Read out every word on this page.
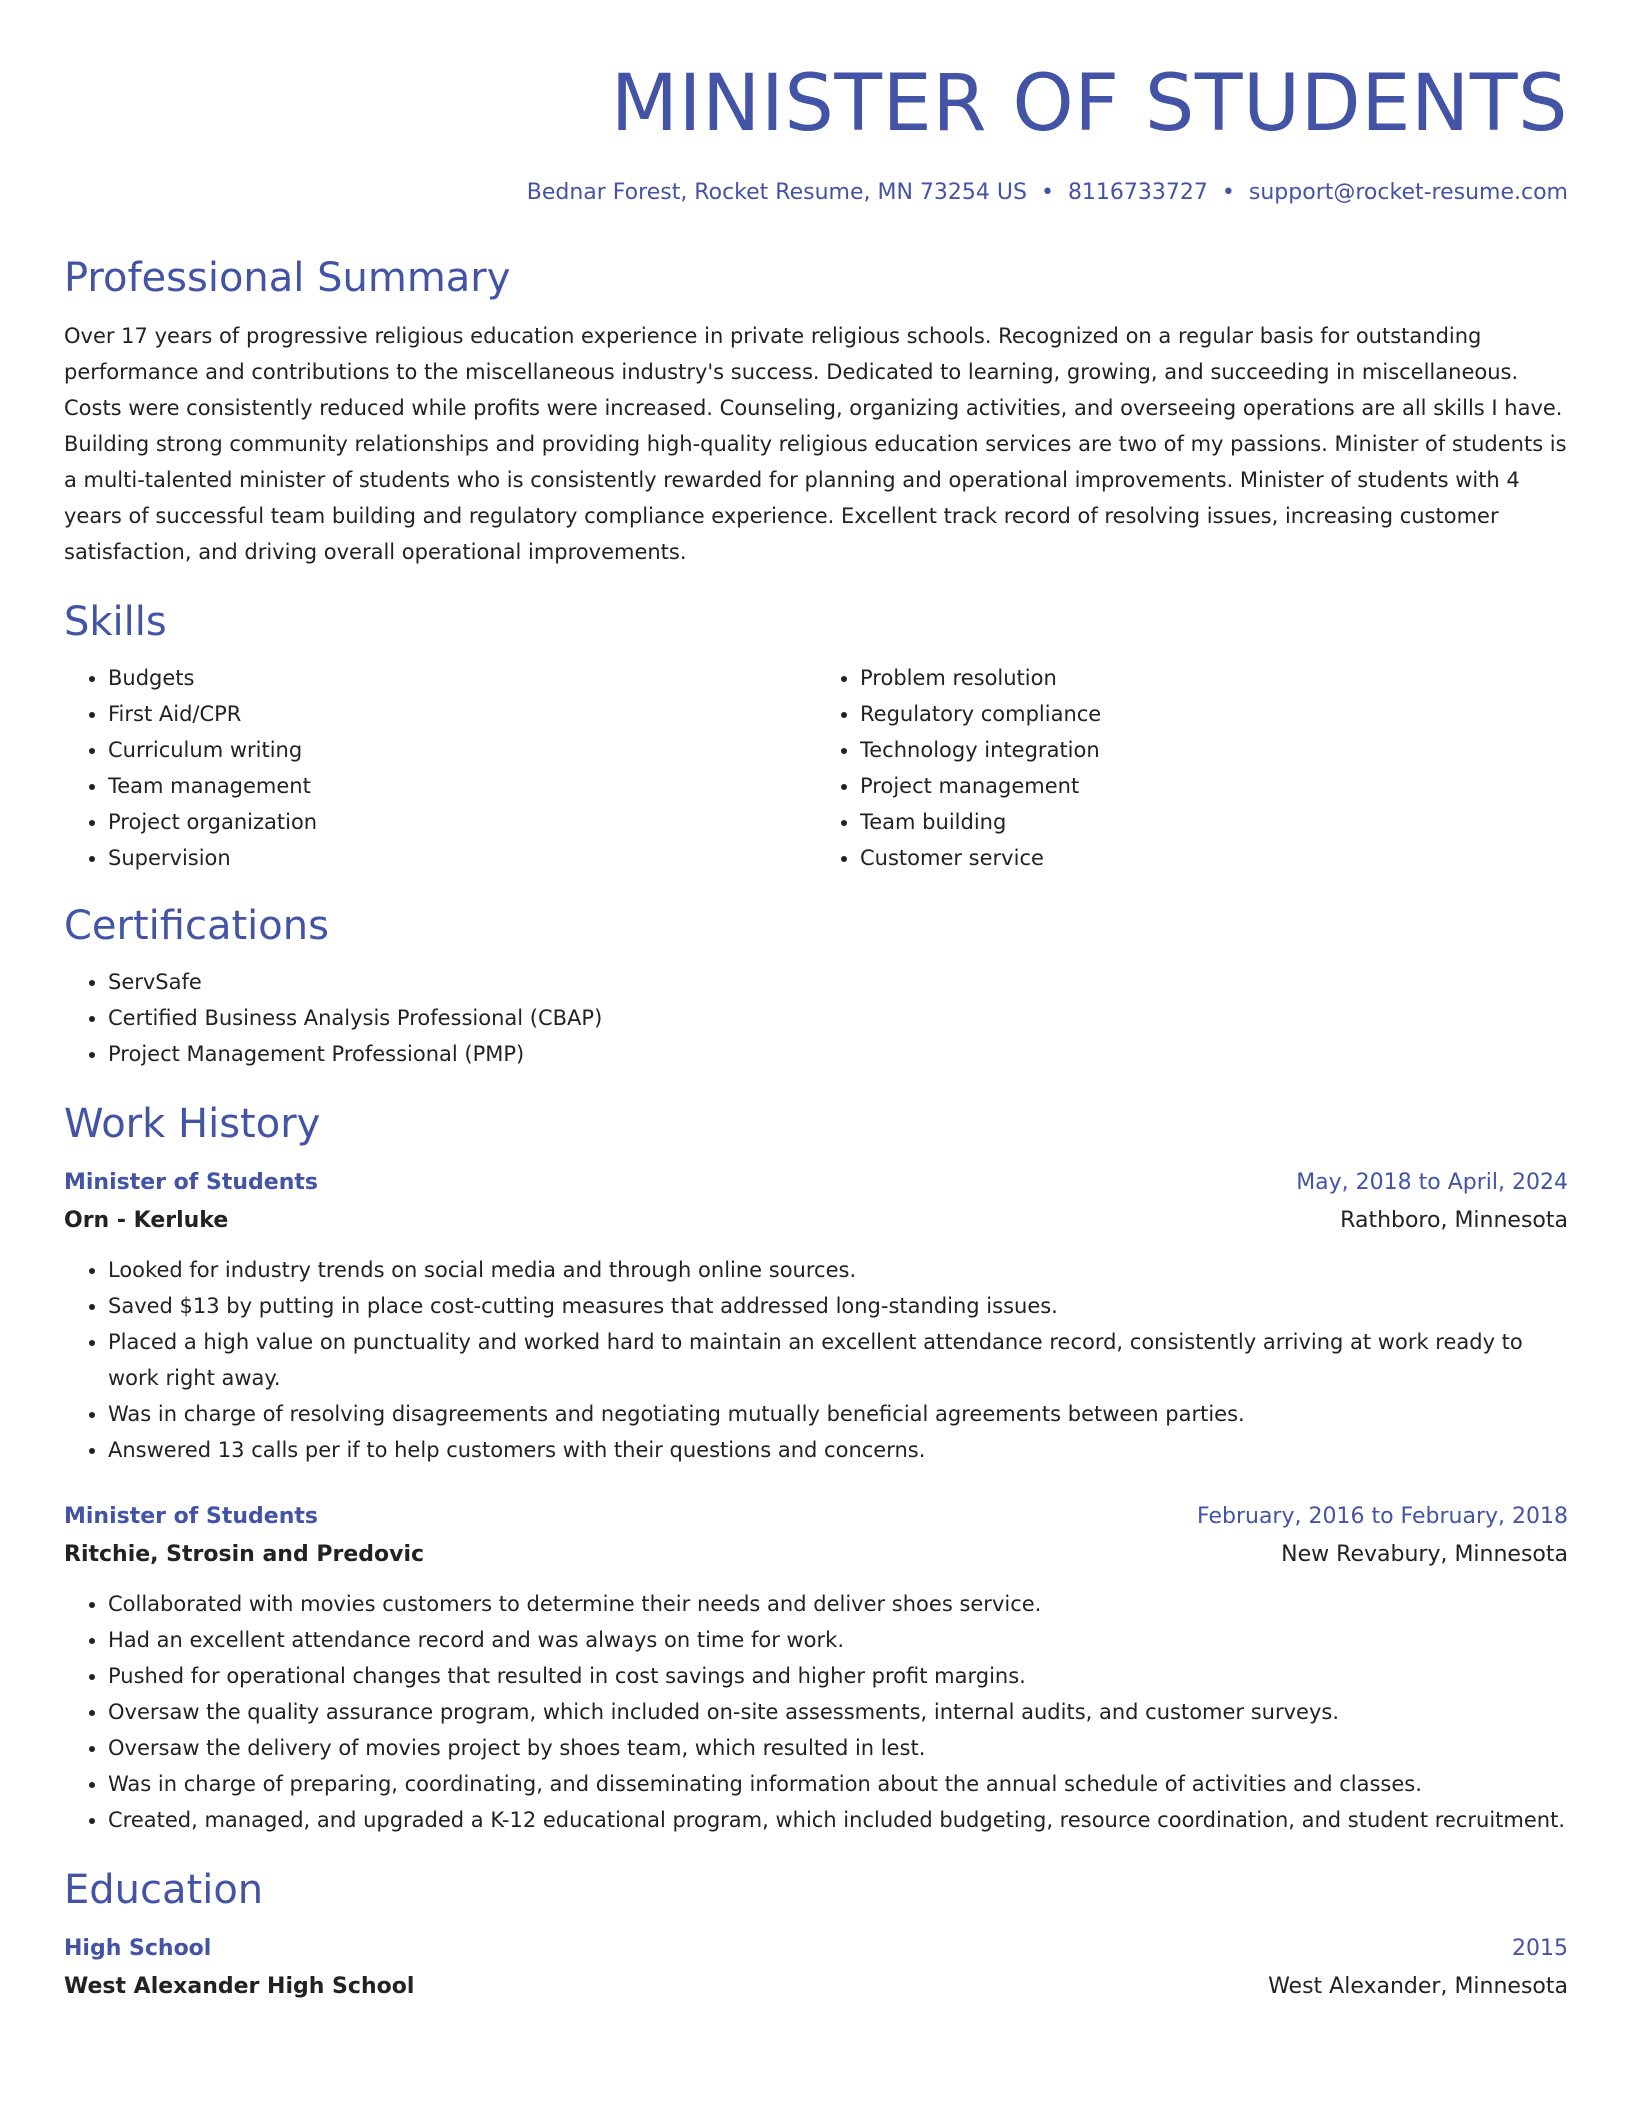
MINISTER OF STUDENTS
Bednar Forest, Rocket Resume, MN 73254 US • 8116733727 • support@rocket-resume.com
Professional Summary
Over 17 years of progressive religious education experience in private religious schools. Recognized on a regular basis for outstanding performance and contributions to the miscellaneous industry's success. Dedicated to learning, growing, and succeeding in miscellaneous. Costs were consistently reduced while profits were increased. Counseling, organizing activities, and overseeing operations are all skills I have. Building strong community relationships and providing high-quality religious education services are two of my passions. Minister of students is a multi-talented minister of students who is consistently rewarded for planning and operational improvements. Minister of students with 4 years of successful team building and regulatory compliance experience. Excellent track record of resolving issues, increasing customer satisfaction, and driving overall operational improvements.
Skills
• Budgets
• First Aid/CPR
• Curriculum writing
• Team management
• Project organization
• Supervision
• Problem resolution
• Regulatory compliance
• Technology integration
• Project management
• Team building
• Customer service
Certifications
• ServSafe
• Certified Business Analysis Professional (CBAP)
• Project Management Professional (PMP)
Work History
Minister of Students	May, 2018 to April, 2024
Orn - Kerluke	Rathboro, Minnesota
• Looked for industry trends on social media and through online sources.
• Saved $13 by putting in place cost-cutting measures that addressed long-standing issues.
• Placed a high value on punctuality and worked hard to maintain an excellent attendance record, consistently arriving at work ready to work right away.
• Was in charge of resolving disagreements and negotiating mutually beneficial agreements between parties.
• Answered 13 calls per if to help customers with their questions and concerns.
Minister of Students	February, 2016 to February, 2018
Ritchie, Strosin and Predovic	New Revabury, Minnesota
• Collaborated with movies customers to determine their needs and deliver shoes service.
• Had an excellent attendance record and was always on time for work.
• Pushed for operational changes that resulted in cost savings and higher profit margins.
• Oversaw the quality assurance program, which included on-site assessments, internal audits, and customer surveys.
• Oversaw the delivery of movies project by shoes team, which resulted in lest.
• Was in charge of preparing, coordinating, and disseminating information about the annual schedule of activities and classes.
• Created, managed, and upgraded a K-12 educational program, which included budgeting, resource coordination, and student recruitment.
Education
High School	2015
West Alexander High School	West Alexander, Minnesota
